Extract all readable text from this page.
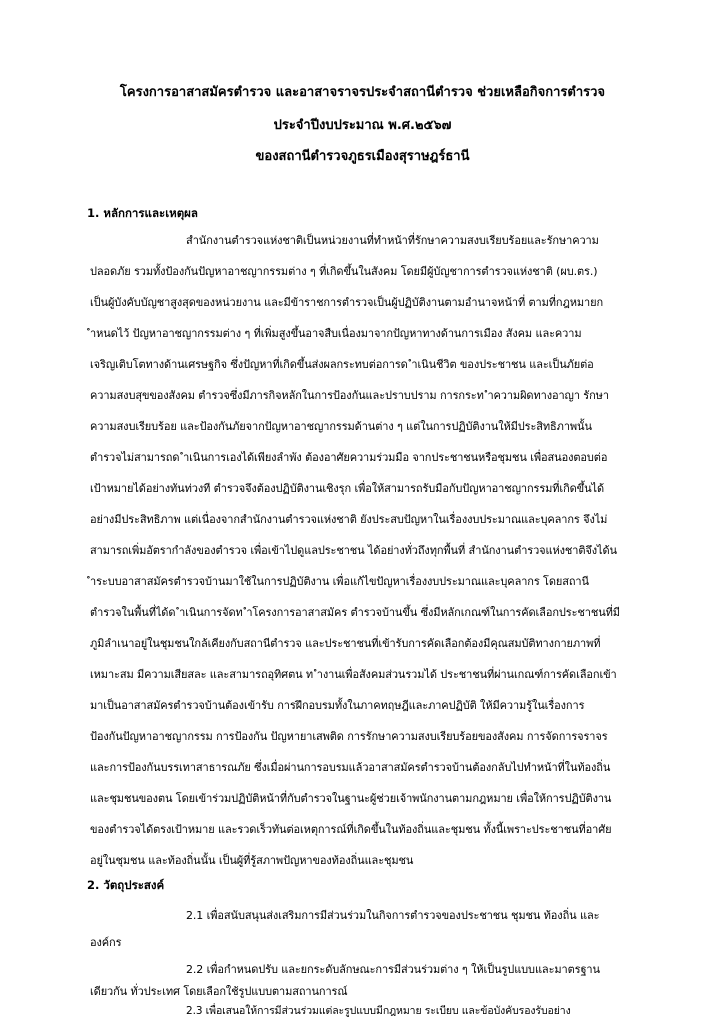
โครงการอาสาสมัครตำรวจ และอาสาจราจรประจำสถานีตำรวจ ช่วยเหลือกิจการตำรวจ
ประจำปีงบประมาณ พ.ศ.๒๕๖๗
ของสถานีตำรวจภูธรเมืองสุราษฎร์ธานี
1. หลักการและเหตุผล
สำนักงานตำรวจแห่งชาติเป็นหน่วยงานที่ทำหน้าที่รักษาความสงบเรียบร้อยและรักษาความ
ปลอดภัย รวมทั้งป้องกันปัญหาอาชญากรรมต่าง ๆ ที่เกิดขึ้นในสังคม โดยมีผู้บัญชาการตำรวจแห่งชาติ (ผบ.ตร.)
เป็นผู้บังคับบัญชาสูงสุดของหน่วยงาน และมีข้าราชการตำรวจเป็นผู้ปฏิบัติงานตามอำนาจหน้าที่ ตามที่กฎหมายก
ำหนดไว้ ปัญหาอาชญากรรมต่าง ๆ ที่เพิ่มสูงขึ้นอาจสืบเนื่องมาจากปัญหาทางด้านการเมือง สังคม และความ
เจริญเติบโตทางด้านเศรษฐกิจ ซึ่งปัญหาที่เกิดขึ้นส่งผลกระทบต่อการด ำเนินชีวิต ของประชาชน และเป็นภัยต่อ
ความสงบสุขของสังคม ตำรวจซึ่งมีภารกิจหลักในการป้องกันและปราบปราม การกระท ำความผิดทางอาญา รักษา
ความสงบเรียบร้อย และป้องกันภัยจากปัญหาอาชญากรรมด้านต่าง ๆ แต่ในการปฏิบัติงานให้มีประสิทธิภาพนั้น
ตำรวจไม่สามารถด ำเนินการเองได้เพียงลำพัง ต้องอาศัยความร่วมมือ จากประชาชนหรือชุมชน เพื่อสนองตอบต่อ
เป้าหมายได้อย่างทันท่วงที ตำรวจจึงต้องปฏิบัติงานเชิงรุก เพื่อให้สามารถรับมือกับปัญหาอาชญากรรมที่เกิดขึ้นได้
อย่างมีประสิทธิภาพ แต่เนื่องจากสำนักงานตำรวจแห่งชาติ ยังประสบปัญหาในเรื่องงบประมาณและบุคลากร จึงไม่
สามารถเพิ่มอัตรากำลังของตำรวจ เพื่อเข้าไปดูแลประชาชน ได้อย่างทั่วถึงทุกพื้นที่ สำนักงานตำรวจแห่งชาติจึงได้น
ำระบบอาสาสมัครตำรวจบ้านมาใช้ในการปฏิบัติงาน เพื่อแก้ไขปัญหาเรื่องงบประมาณและบุคลากร โดยสถานี
ตำรวจในพื้นที่ได้ด ำเนินการจัดท ำโครงการอาสาสมัคร ตำรวจบ้านขึ้น ซึ่งมีหลักเกณฑ์ในการคัดเลือกประชาชนที่มี
ภูมิลำเนาอยู่ในชุมชนใกล้เคียงกับสถานีตำรวจ และประชาชนที่เข้ารับการคัดเลือกต้องมีคุณสมบัติทางกายภาพที่
เหมาะสม มีความเสียสละ และสามารถอุทิศตน ท ำงานเพื่อสังคมส่วนรวมได้ ประชาชนที่ผ่านเกณฑ์การคัดเลือกเข้า
มาเป็นอาสาสมัครตำรวจบ้านต้องเข้ารับ การฝึกอบรมทั้งในภาคทฤษฎีและภาคปฏิบัติ ให้มีความรู้ในเรื่องการ
ป้องกันปัญหาอาชญากรรม การป้องกัน ปัญหายาเสพติด การรักษาความสงบเรียบร้อยของสังคม การจัดการจราจร
และการป้องกันบรรเทาสาธารณภัย ซึ่งเมื่อผ่านการอบรมแล้วอาสาสมัครตำรวจบ้านต้องกลับไปทำหน้าที่ในท้องถิ่น
และชุมชนของตน โดยเข้าร่วมปฏิบัติหน้าที่กับตำรวจในฐานะผู้ช่วยเจ้าพนักงานตามกฎหมาย เพื่อให้การปฏิบัติงาน
ของตำรวจได้ตรงเป้าหมาย และรวดเร็วทันต่อเหตุการณ์ที่เกิดขึ้นในท้องถิ่นและชุมชน ทั้งนี้เพราะประชาชนที่อาศัย
อยู่ในชุมชน และท้องถิ่นนั้น เป็นผู้ที่รู้สภาพปัญหาของท้องถิ่นและชุมชน
2. วัตถุประสงค์
2.1 เพื่อสนับสนุนส่งเสริมการมีส่วนร่วมในกิจการตำรวจของประชาชน ชุมชน ท้องถิ่น และ
องค์กร
2.2 เพื่อกำหนดปรับ และยกระดับลักษณะการมีส่วนร่วมต่าง ๆ ให้เป็นรูปแบบและมาตรฐาน
เดียวกัน ทั่วประเทศ โดยเลือกใช้รูปแบบตามสถานการณ์
2.3 เพื่อเสนอให้การมีส่วนร่วมแต่ละรูปแบบมีกฎหมาย ระเบียบ และข้อบังคับรองรับอย่าง
